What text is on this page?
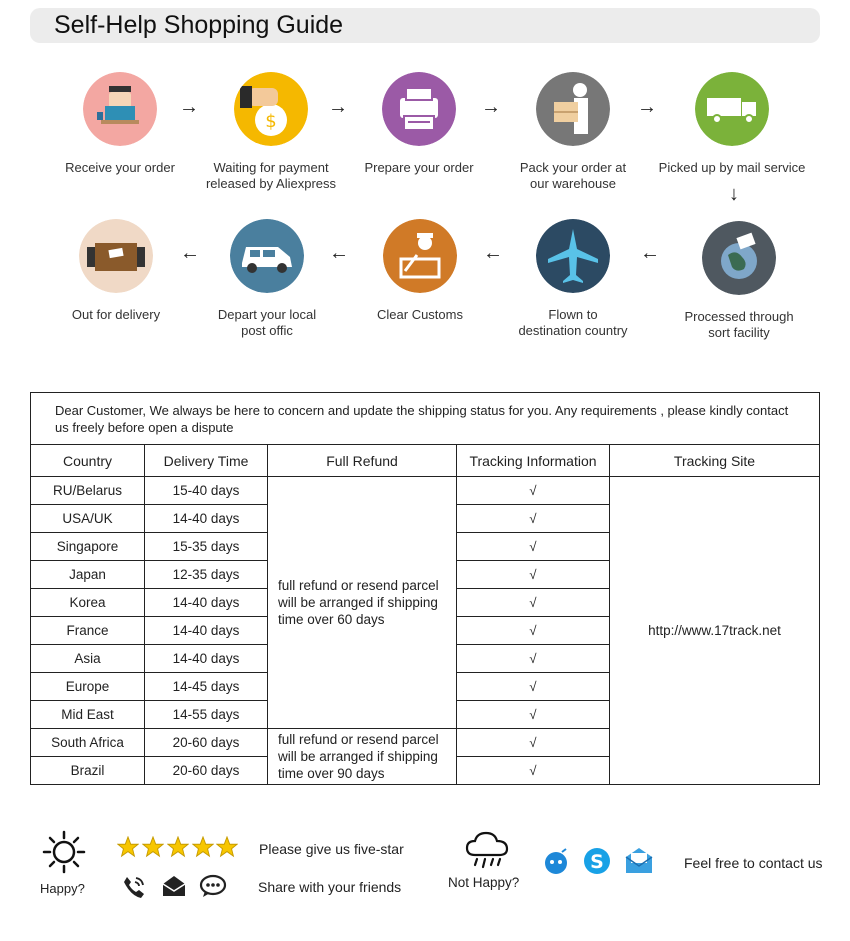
Self-Help Shopping Guide
Receive your order
→
$
Waiting for payment
released by Aliexpress
→
Prepare your order
→
Pack your order at
our warehouse
→
Picked up by mail service
↓
Processed through
sort facility
←
Flown to
destination country
←
Clear Customs
←
Depart your local
post offic
←
Out for delivery
Dear Customer, We always be here to concern and update the shipping status for you. Any requirements , please kindly contact us freely before open a dispute				
Country	Delivery Time	Full Refund	Tracking Information	Tracking Site
RU/Belarus	15-40 days	full refund or resend parcel will be arranged if shipping time over 60 days	√	http://www.17track.net
USA/UK	14-40 days		√	
Singapore	15-35 days		√	
Japan	12-35 days		√	
Korea	14-40 days		√	
France	14-40 days		√	
Asia	14-40 days		√	
Europe	14-45 days		√	
Mid East	14-55 days		√	
South Africa	20-60 days	full refund or resend parcel will be arranged if shipping time over 90 days	√	
Brazil	20-60 days		√	
Happy?
Please give us five-star
Share with your friends	Not Happy?
S	Feel free to contact us
